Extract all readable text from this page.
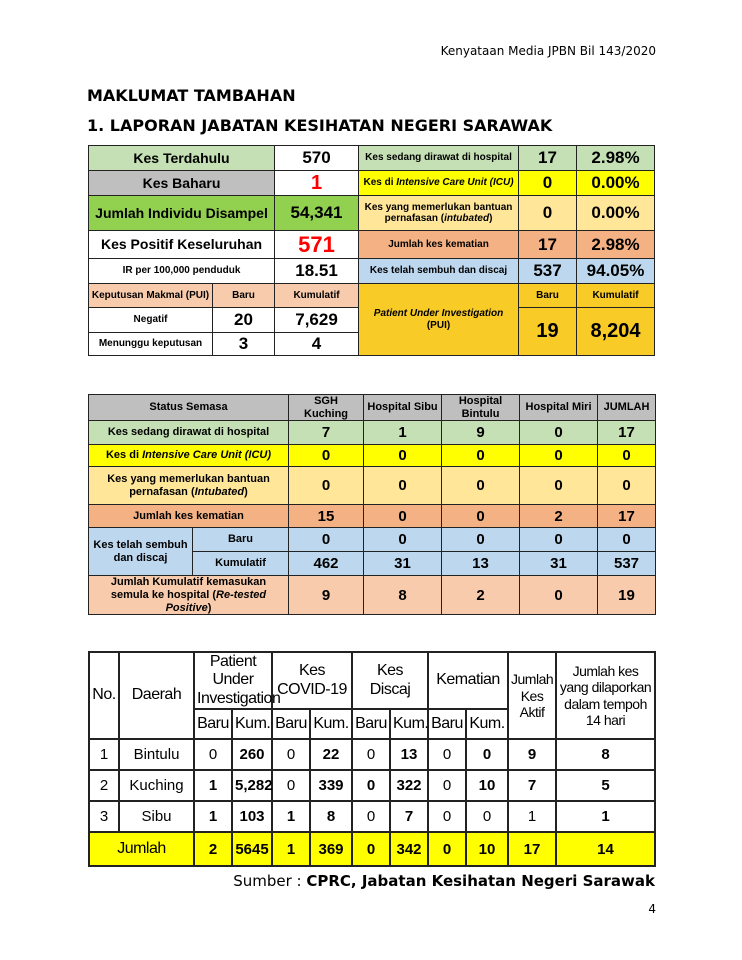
Kenyataan Media JPBN Bil 143/2020
MAKLUMAT TAMBAHAN
1. LAPORAN JABATAN KESIHATAN NEGERI SARAWAK
Kes Terdahulu		570	Kes sedang dirawat di hospital	17	2.98%
Kes Baharu		1	Kes di Intensive Care Unit (ICU)	0	0.00%
Jumlah Individu Disampel		54,341	Kes yang memerlukan bantuan pernafasan (intubated)	0	0.00%
Kes Positif Keseluruhan		571	Jumlah kes kematian	17	2.98%
IR per 100,000 penduduk		18.51	Kes telah sembuh dan discaj	537	94.05%
Keputusan Makmal (PUI)	Baru	Kumulatif	Patient Under Investigation (PUI)	Baru	Kumulatif
Negatif	20	7,629		19	8,204
Menunggu keputusan	3	4			
Status Semasa		SGH Kuching	Hospital Sibu	Hospital Bintulu	Hospital Miri	JUMLAH
Kes sedang dirawat di hospital		7	1	9	0	17
Kes di Intensive Care Unit (ICU)		0	0	0	0	0
Kes yang memerlukan bantuan pernafasan (Intubated)		0	0	0	0	0
Jumlah kes kematian		15	0	0	2	17
Kes telah sembuh dan discaj	Baru	0	0	0	0	0
	Kumulatif	462	31	13	31	537
Jumlah Kumulatif kemasukan semula ke hospital (Re-tested Positive)		9	8	2	0	19
No.	Daerah	Patient Under Investigation		Kes COVID-19		Kes Discaj		Kematian		Jumlah Kes Aktif	Jumlah kes yang dilaporkan dalam tempoh 14 hari
		Baru	Kum.	Baru	Kum.	Baru	Kum.	Baru	Kum.		
1	Bintulu	0	260	0	22	0	13	0	0	9	8
2	Kuching	1	5,282	0	339	0	322	0	10	7	5
3	Sibu	1	103	1	8	0	7	0	0	1	1
Jumlah		2	5645	1	369	0	342	0	10	17	14
Sumber : CPRC, Jabatan Kesihatan Negeri Sarawak
4
